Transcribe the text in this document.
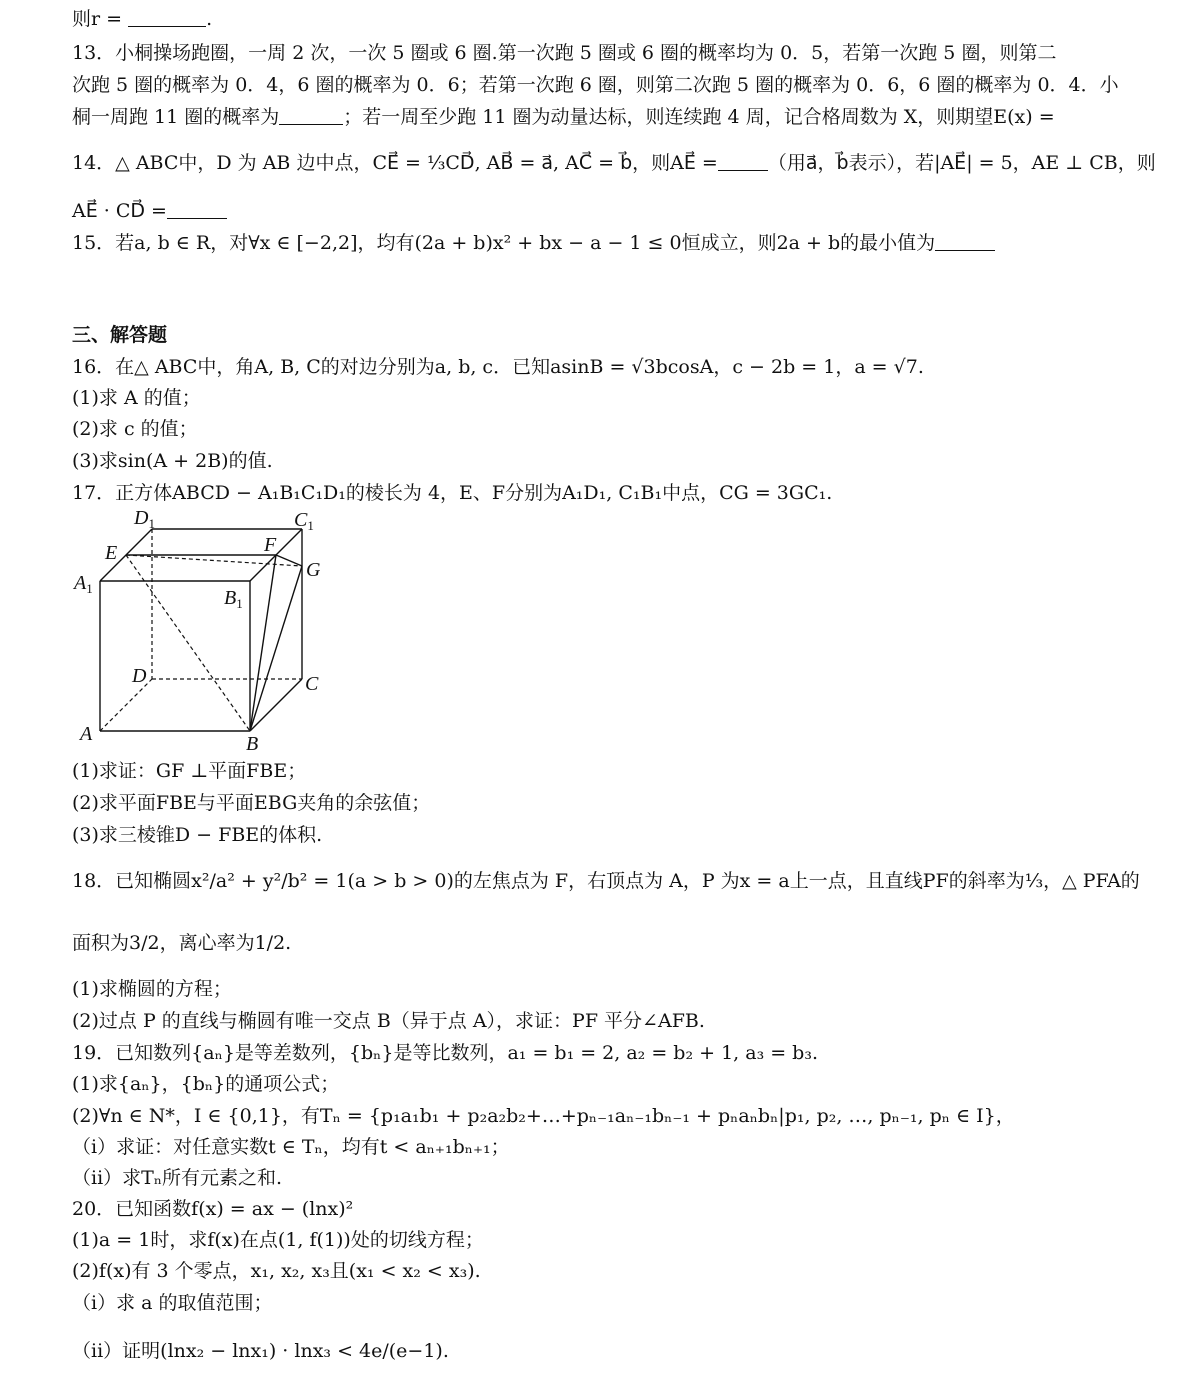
则r =	.
13．小桐操场跑圈，一周 2 次，一次 5 圈或 6 圈.第一次跑 5 圈或 6 圈的概率均为 0．5，若第一次跑 5 圈，则第二
次跑 5 圈的概率为 0．4，6 圈的概率为 0．6；若第一次跑 6 圈，则第二次跑 5 圈的概率为 0．6，6 圈的概率为 0．4．小
桐一周跑 11 圈的概率为	；若一周至少跑 11 圈为动量达标，则连续跑 4 周，记合格周数为 X，则期望E(x) =
14．△ ABC中，D 为 AB 边中点，CE⃗ = ⅓CD⃗, AB⃗ = a⃗, AC⃗ = b⃗，则AE⃗ =	（用a⃗，b⃗表示），若|AE⃗| = 5，AE ⊥ CB，则
AE⃗ · CD⃗ =
15．若a, b ∈ R，对∀x ∈ [−2,2]，均有(2a + b)x² + bx − a − 1 ≤ 0恒成立，则2a + b的最小值为
三、解答题
16．在△ ABC中，角A, B, C的对边分别为a, b, c．已知asinB = √3bcosA，c − 2b = 1，a = √7.
(1)求 A 的值；
(2)求 c 的值；
(3)求sin(A + 2B)的值.
17．正方体ABCD − A₁B₁C₁D₁的棱长为 4，E、F分别为A₁D₁, C₁B₁中点，CG = 3GC₁.
$D_1$	$C_1$
E	F
G
$A_1$	$B_1$
D	C
A	B
(1)求证：GF ⊥平面FBE；
(2)求平面FBE与平面EBG夹角的余弦值；
(3)求三棱锥D − FBE的体积.
18．已知椭圆x²/a² + y²/b² = 1(a > b > 0)的左焦点为 F，右顶点为 A，P 为x = a上一点，且直线PF的斜率为⅓，△ PFA的
面积为3/2，离心率为1/2.
(1)求椭圆的方程；
(2)过点 P 的直线与椭圆有唯一交点 B（异于点 A），求证：PF 平分∠AFB.
19．已知数列{aₙ}是等差数列，{bₙ}是等比数列，a₁ = b₁ = 2, a₂ = b₂ + 1, a₃ = b₃.
(1)求{aₙ}，{bₙ}的通项公式；
(2)∀n ∈ N*，I ∈ {0,1}，有Tₙ = {p₁a₁b₁ + p₂a₂b₂+…+pₙ₋₁aₙ₋₁bₙ₋₁ + pₙaₙbₙ|p₁, p₂, …, pₙ₋₁, pₙ ∈ I}，
（i）求证：对任意实数t ∈ Tₙ，均有t < aₙ₊₁bₙ₊₁；
（ii）求Tₙ所有元素之和.
20．已知函数f(x) = ax − (lnx)²
(1)a = 1时，求f(x)在点(1, f(1))处的切线方程；
(2)f(x)有 3 个零点，x₁, x₂, x₃且(x₁ < x₂ < x₃).
（i）求 a 的取值范围；
（ii）证明(lnx₂ − lnx₁) · lnx₃ < 4e/(e−1).
